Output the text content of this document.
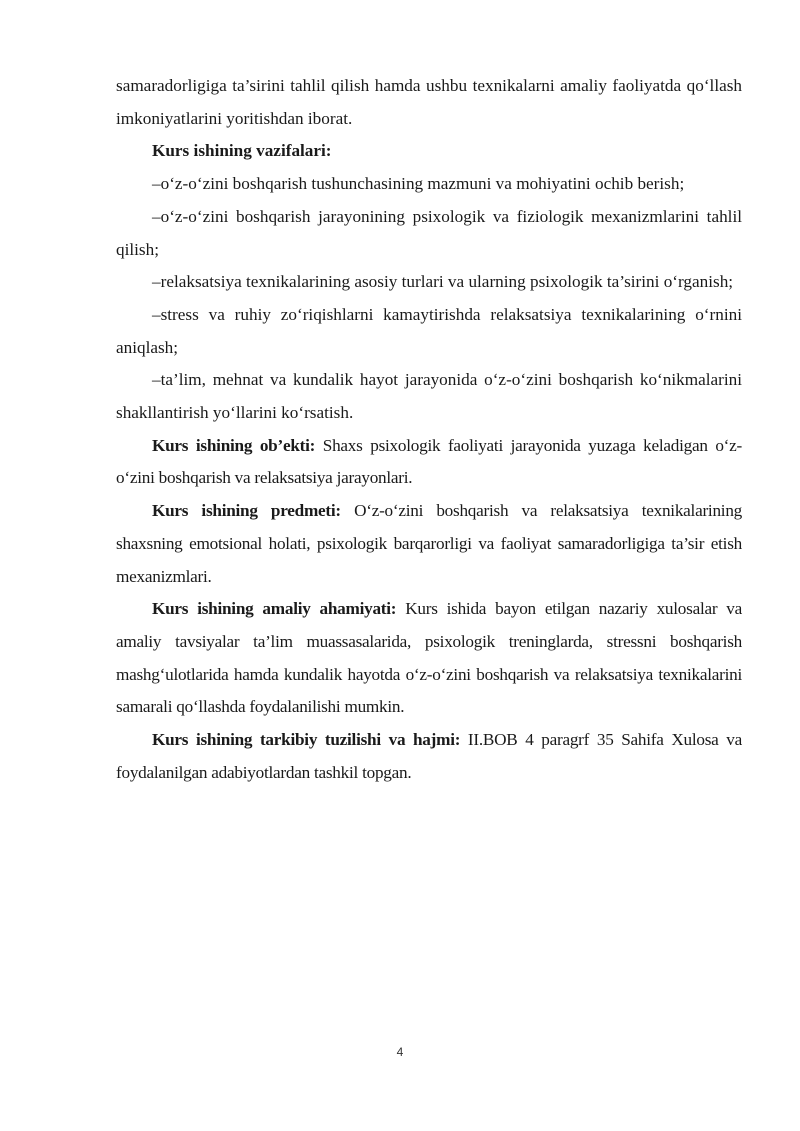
samaradorligiga ta’sirini tahlil qilish hamda ushbu texnikalarni amaliy faoliyatda qo‘llash imkoniyatlarini yoritishdan iborat.

Kurs ishining vazifalari:

–o‘z-o‘zini boshqarish tushunchasining mazmuni va mohiyatini ochib berish;

–o‘z-o‘zini boshqarish jarayonining psixologik va fiziologik mexanizmlarini tahlil qilish;

–relaksatsiya texnikalarining asosiy turlari va ularning psixologik ta’sirini o‘rganish;

–stress va ruhiy zo‘riqishlarni kamaytirishda relaksatsiya texnikalarining o‘rnini aniqlash;

–ta’lim, mehnat va kundalik hayot jarayonida o‘z-o‘zini boshqarish ko‘nikmalarini shakllantirish yo‘llarini ko‘rsatish.

Kurs ishining ob’ekti: Shaxs psixologik faoliyati jarayonida yuzaga keladigan o‘z-o‘zini boshqarish va relaksatsiya jarayonlari.

Kurs ishining predmeti: O‘z-o‘zini boshqarish va relaksatsiya texnikalarining shaxsning emotsional holati, psixologik barqarorligi va faoliyat samaradorligiga ta’sir etish mexanizmlari.

Kurs ishining amaliy ahamiyati: Kurs ishida bayon etilgan nazariy xulosalar va amaliy tavsiyalar ta’lim muassasalarida, psixologik treninglarda, stressni boshqarish mashg‘ulotlarida hamda kundalik hayotda o‘z-o‘zini boshqarish va relaksatsiya texnikalarini samarali qo‘llashda foydalanilishi mumkin.

Kurs ishining tarkibiy tuzilishi va hajmi: II.BOB 4 paragrf 35 Sahifa Xulosa va foydalanilgan adabiyotlardan tashkil topgan.

4
